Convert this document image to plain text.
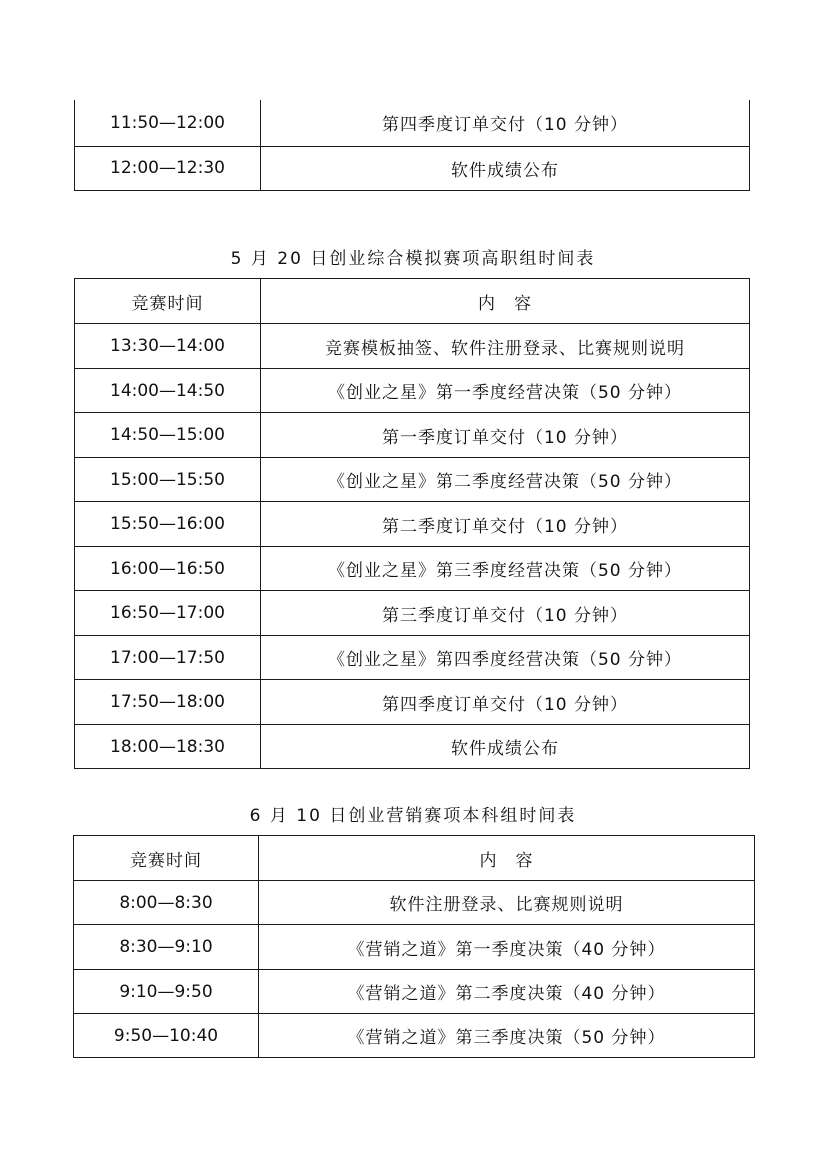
11:50—12:00	第四季度订单交付（10 分钟）
12:00—12:30	软件成绩公布
5 月 20 日创业综合模拟赛项高职组时间表
竞赛时间	内　容
13:30—14:00	竞赛模板抽签、软件注册登录、比赛规则说明
14:00—14:50	《创业之星》第一季度经营决策（50 分钟）
14:50—15:00	第一季度订单交付（10 分钟）
15:00—15:50	《创业之星》第二季度经营决策（50 分钟）
15:50—16:00	第二季度订单交付（10 分钟）
16:00—16:50	《创业之星》第三季度经营决策（50 分钟）
16:50—17:00	第三季度订单交付（10 分钟）
17:00—17:50	《创业之星》第四季度经营决策（50 分钟）
17:50—18:00	第四季度订单交付（10 分钟）
18:00—18:30	软件成绩公布
6 月 10 日创业营销赛项本科组时间表
竞赛时间	内　容
8:00—8:30	软件注册登录、比赛规则说明
8:30—9:10	《营销之道》第一季度决策（40 分钟）
9:10—9:50	《营销之道》第二季度决策（40 分钟）
9:50—10:40	《营销之道》第三季度决策（50 分钟）
